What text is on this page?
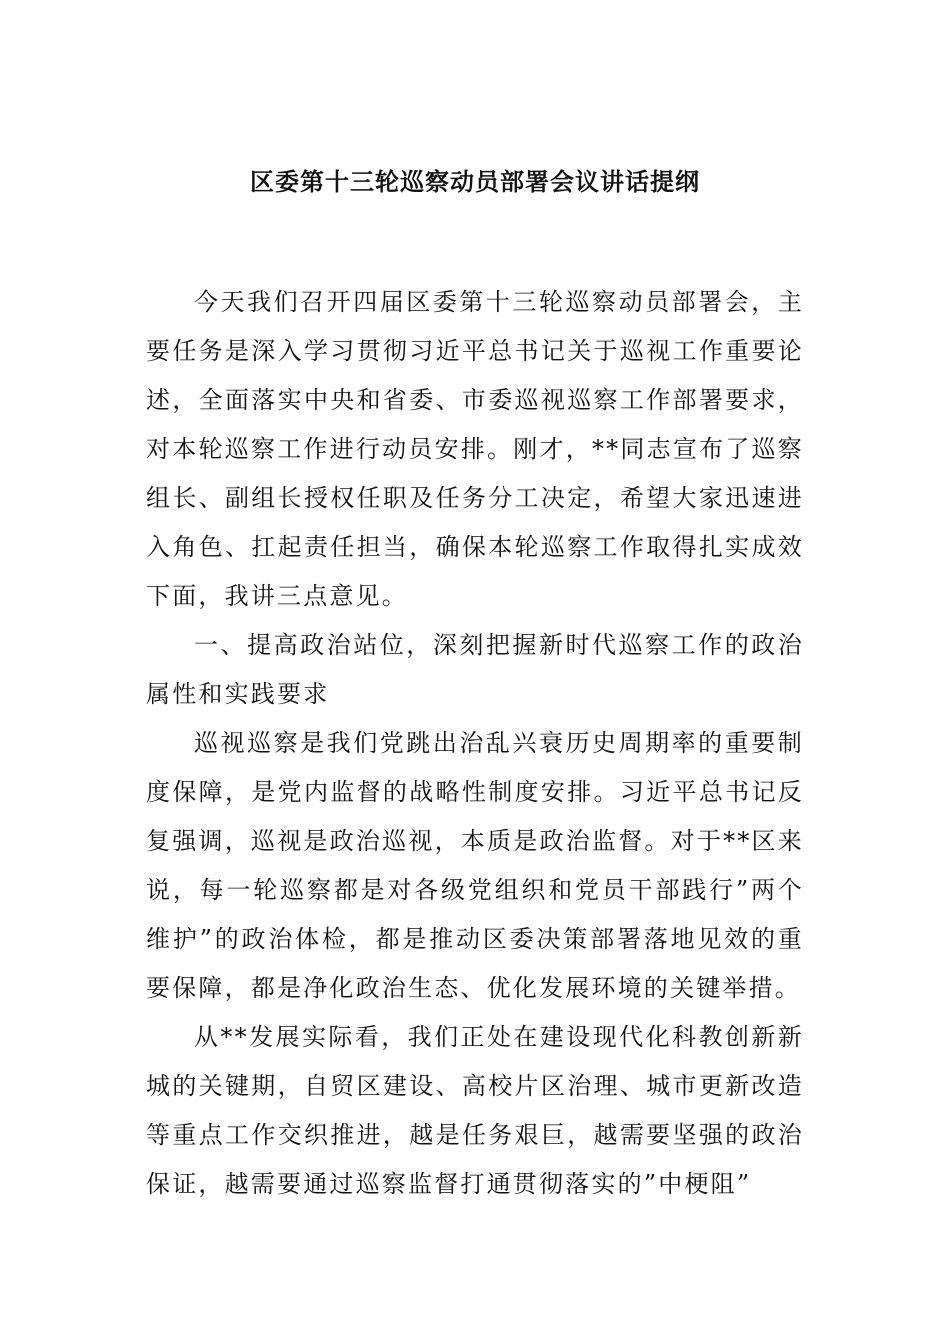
区委第十三轮巡察动员部署会议讲话提纲

今天我们召开四届区委第十三轮巡察动员部署会，主要任务是深入学习贯彻习近平总书记关于巡视工作重要论述，全面落实中央和省委、市委巡视巡察工作部署要求，对本轮巡察工作进行动员安排。刚才，**同志宣布了巡察组长、副组长授权任职及任务分工决定，希望大家迅速进入角色、扛起责任担当，确保本轮巡察工作取得扎实成效下面，我讲三点意见。

一、提高政治站位，深刻把握新时代巡察工作的政治属性和实践要求

巡视巡察是我们党跳出治乱兴衰历史周期率的重要制度保障，是党内监督的战略性制度安排。习近平总书记反复强调，巡视是政治巡视，本质是政治监督。对于**区来说，每一轮巡察都是对各级党组织和党员干部践行”两个维护”的政治体检，都是推动区委决策部署落地见效的重要保障，都是净化政治生态、优化发展环境的关键举措。

从**发展实际看，我们正处在建设现代化科教创新新城的关键期，自贸区建设、高校片区治理、城市更新改造等重点工作交织推进，越是任务艰巨，越需要坚强的政治保证，越需要通过巡察监督打通贯彻落实的”中梗阻”
